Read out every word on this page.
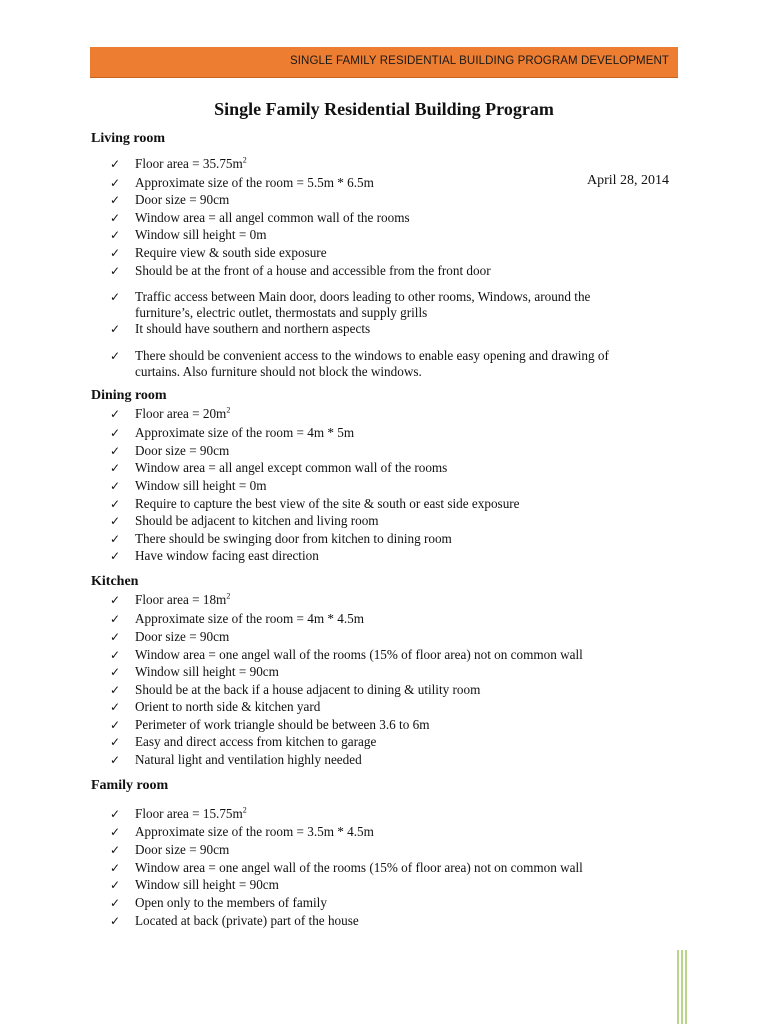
SINGLE FAMILY RESIDENTIAL BUILDING PROGRAM DEVELOPMENT
Single Family Residential Building Program
April 28, 2014
Living room
✓ Floor area = $35.75m^2$
✓ Approximate size of the room = 5.5m * 6.5m
✓ Door size = 90cm
✓ Window area = all angel common wall of the rooms
✓ Window sill height = 0m
✓ Require view & south side exposure
✓ Should be at the front of a house and accessible from the front door
✓ Traffic access between Main door, doors leading to other rooms, Windows, around the furniture’s, electric outlet, thermostats and supply grills
✓ It should have southern and northern aspects
✓ There should be convenient access to the windows to enable easy opening and drawing of curtains. Also furniture should not block the windows.
Dining room
✓ Floor area = $20m^2$
✓ Approximate size of the room = 4m * 5m
✓ Door size = 90cm
✓ Window area = all angel except common wall of the rooms
✓ Window sill height = 0m
✓ Require to capture the best view of the site & south or east side exposure
✓ Should be adjacent to kitchen and living room
✓ There should be swinging door from kitchen to dining room
✓ Have window facing east direction
Kitchen
✓ Floor area = $18m^2$
✓ Approximate size of the room = 4m * 4.5m
✓ Door size = 90cm
✓ Window area = one angel wall of the rooms (15% of floor area) not on common wall
✓ Window sill height = 90cm
✓ Should be at the back if a house adjacent to dining & utility room
✓ Orient to north side & kitchen yard
✓ Perimeter of work triangle should be between 3.6 to 6m
✓ Easy and direct access from kitchen to garage
✓ Natural light and ventilation highly needed
Family room
✓ Floor area = $15.75m^2$
✓ Approximate size of the room = 3.5m * 4.5m
✓ Door size = 90cm
✓ Window area = one angel wall of the rooms (15% of floor area) not on common wall
✓ Window sill height = 90cm
✓ Open only to the members of family
✓ Located at back (private) part of the house
